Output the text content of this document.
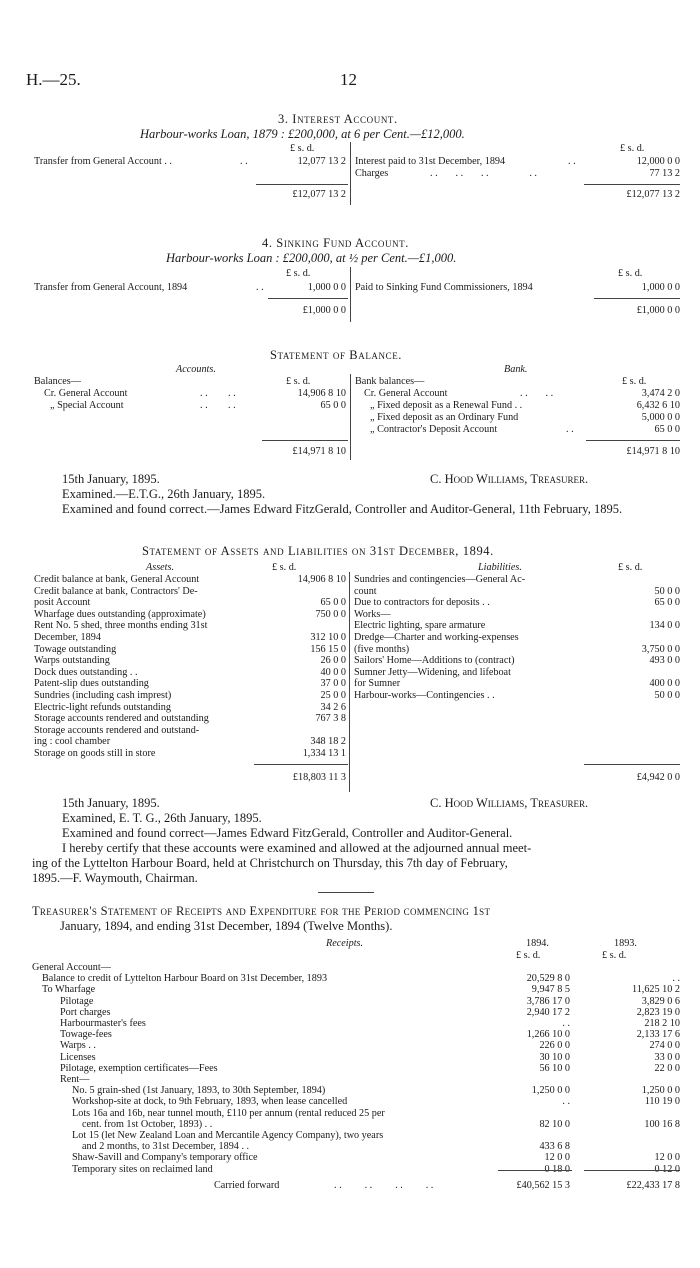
H.—25.	12
3. Interest Account.
Harbour-works Loan, 1879 : £200,000, at 6 per Cent.—£12,000.
£ s. d.	£ s. d.
Transfer from General Account . .	. .	12,077 13 2 Interest paid to 31st December, 1894	. .	12,000 0 0
Charges	. .       . .       . .                . .	77 13 2
£12,077 13 2	£12,077 13 2
4. Sinking Fund Account.
Harbour-works Loan : £200,000, at ½ per Cent.—£1,000.
£ s. d.	£ s. d.
Transfer from General Account, 1894	. .	1,000 0 0 Paid to Sinking Fund Commissioners, 1894	1,000 0 0
£1,000 0 0	£1,000 0 0
Statement of Balance.
Accounts.	Bank.
£ s. d.	£ s. d.
Balances—
Cr. General Account	. .        . .	14,906 8 10
„ Special Account	. .        . .	65 0 0
Bank balances—
Cr. General Account	. .       . .	3,474 2 0
„ Fixed deposit as a Renewal Fund . .	6,432 6 10
„ Fixed deposit as an Ordinary Fund	5,000 0 0
„ Contractor's Deposit Account	. .	65 0 0
£14,971 8 10	£14,971 8 10
15th January, 1895.	C. Hood Williams, Treasurer.
Examined.—E.T.G., 26th January, 1895.
Examined and found correct.—James Edward FitzGerald, Controller and Auditor-General, 11th February, 1895.
Statement of Assets and Liabilities on 31st December, 1894.
Assets.	Liabilities.
£ s. d.	£ s. d.
Credit balance at bank, General Account	14,906 8 10
Credit balance at bank, Contractors' De-
posit Account	65 0 0
Wharfage dues outstanding (approximate)	750 0 0
Rent No. 5 shed, three months ending 31st
December, 1894	312 10 0
Towage outstanding	156 15 0
Warps outstanding	26 0 0
Dock dues outstanding . .	40 0 0
Patent-slip dues outstanding	37 0 0
Sundries (including cash imprest)	25 0 0
Electric-light refunds outstanding	34 2 6
Storage accounts rendered and outstanding	767 3 8
Storage accounts rendered and outstand-
ing : cool chamber	348 18 2
Storage on goods still in store	1,334 13 1
Sundries and contingencies—General Ac-
count	50 0 0
Due to contractors for deposits . .	65 0 0
Works—
Electric lighting, spare armature	134 0 0
Dredge—Charter and working-expenses
(five months)	3,750 0 0
Sailors' Home—Additions to (contract)	493 0 0
Sumner Jetty—Widening, and lifeboat
for Sumner	400 0 0
Harbour-works—Contingencies . .	50 0 0
£18,803 11 3	£4,942 0 0
15th January, 1895.	C. Hood Williams, Treasurer.
Examined, E. T. G., 26th January, 1895.
Examined and found correct—James Edward FitzGerald, Controller and Auditor-General.
I hereby certify that these accounts were examined and allowed at the adjourned annual meet-
ing of the Lyttelton Harbour Board, held at Christchurch on Thursday, this 7th day of February,
1895.—F. Waymouth, Chairman.
Treasurer's Statement of Receipts and Expenditure for the Period commencing 1st
January, 1894, and ending 31st December, 1894 (Twelve Months).
Receipts.	1894.	1893.
£ s. d.	£ s. d.
General Account—
Balance to credit of Lyttelton Harbour Board on 31st December, 1893	20,529 8 0	. .
To Wharfage	9,947 8 5	11,625 10 2
Pilotage	3,786 17 0	3,829 0 6
Port charges	2,940 17 2	2,823 19 0
Harbourmaster's fees	. .	218 2 10
Towage-fees	1,266 10 0	2,133 17 6
Warps . .	226 0 0	274 0 0
Licenses	30 10 0	33 0 0
Pilotage, exemption certificates—Fees	56 10 0	22 0 0
Rent—
No. 5 grain-shed (1st January, 1893, to 30th September, 1894)	1,250 0 0	1,250 0 0
Workshop-site at dock, to 9th February, 1893, when lease cancelled	. .	110 19 0
Lots 16a and 16b, near tunnel mouth, £110 per annum (rental reduced 25 per
cent. from 1st October, 1893) . .	82 10 0	100 16 8
Lot 15 (let New Zealand Loan and Mercantile Agency Company), two years
and 2 months, to 31st December, 1894 . .	433 6 8
Shaw-Savill and Company's temporary office	12 0 0	12 0 0
Temporary sites on reclaimed land	0 18 0	0 12 0
Carried forward	. .         . .         . .         . .	£40,562 15 3	£22,433 17 8
